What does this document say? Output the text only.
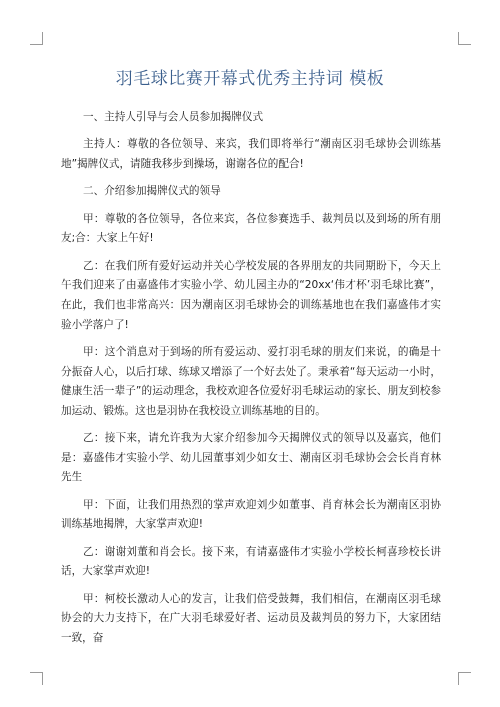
羽毛球比赛开幕式优秀主持词 模板

一、主持人引导与会人员参加揭牌仪式

主持人：尊敬的各位领导、来宾，我们即将举行“潮南区羽毛球协会训练基地”揭牌仪式，请随我移步到操场，谢谢各位的配合!

二、介绍参加揭牌仪式的领导

甲：尊敬的各位领导，各位来宾，各位参赛选手、裁判员以及到场的所有朋友;合：大家上午好!

乙：在我们所有爱好运动并关心学校发展的各界朋友的共同期盼下，今天上午我们迎来了由嘉盛伟才实验小学、幼儿园主办的“20xx‘伟才杯’羽毛球比赛”，在此，我们也非常高兴：因为潮南区羽毛球协会的训练基地也在我们嘉盛伟才实验小学落户了!

甲：这个消息对于到场的所有爱运动、爱打羽毛球的朋友们来说，的确是十分振奋人心，以后打球、练球又增添了一个好去处了。秉承着“每天运动一小时，健康生活一辈子”的运动理念，我校欢迎各位爱好羽毛球运动的家长、朋友到校参加运动、锻炼。这也是羽协在我校设立训练基地的目的。

乙：接下来，请允许我为大家介绍参加今天揭牌仪式的领导以及嘉宾，他们是：嘉盛伟才实验小学、幼儿园董事刘少如女士、潮南区羽毛球协会会长肖育林先生

甲：下面，让我们用热烈的掌声欢迎刘少如董事、肖育林会长为潮南区羽协训练基地揭牌，大家掌声欢迎!

乙：谢谢刘董和肖会长。接下来，有请嘉盛伟才实验小学校长柯喜珍校长讲话，大家掌声欢迎!

甲：柯校长激动人心的发言，让我们倍受鼓舞，我们相信，在潮南区羽毛球协会的大力支持下，在广大羽毛球爱好者、运动员及裁判员的努力下，大家团结一致，奋
